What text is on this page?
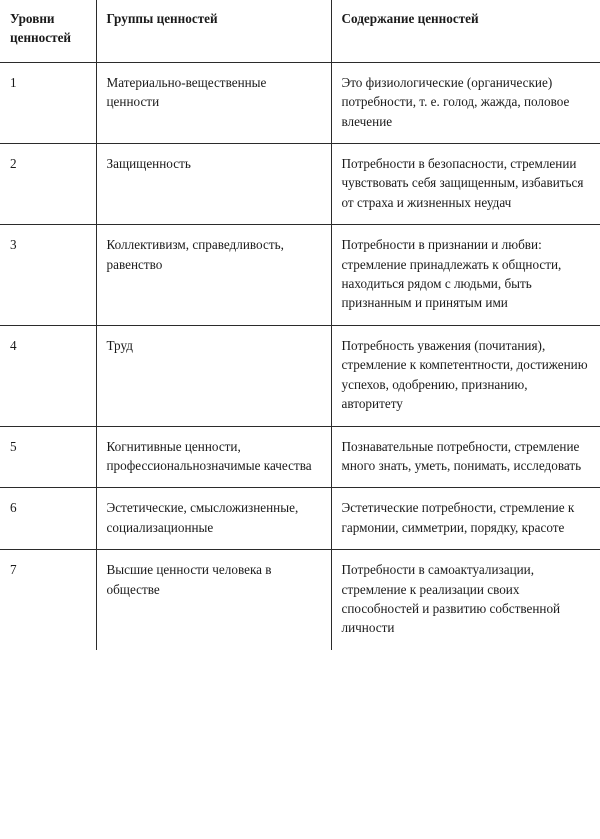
Уровни ценностей	Группы ценностей	Содержание ценностей
1	Материально-вещественные ценности	Это физиологические (органические) потребности, т. е. голод, жажда, половое влечение
2	Защищенность	Потребности в безопасности, стремлении чувствовать себя защищенным, избавиться от страха и жизненных неудач
3	Коллективизм, справедливость, равенство	Потребности в признании и любви: стремление принадлежать к общности, находиться рядом с людьми, быть признанным и принятым ими
4	Труд	Потребность уважения (почитания), стремление к компетентности, достижению успехов, одобрению, признанию, авторитету
5	Когнитивные ценности, профессиональнозначимые качества	Познавательные потребности, стремление много знать, уметь, понимать, исследовать
6	Эстетические, смысложизненные, социализационные	Эстетические потребности, стремление к гармонии, симметрии, порядку, красоте
7	Высшие ценности человека в обществе	Потребности в самоактуализации, стремление к реализации своих способностей и развитию собственной личности
